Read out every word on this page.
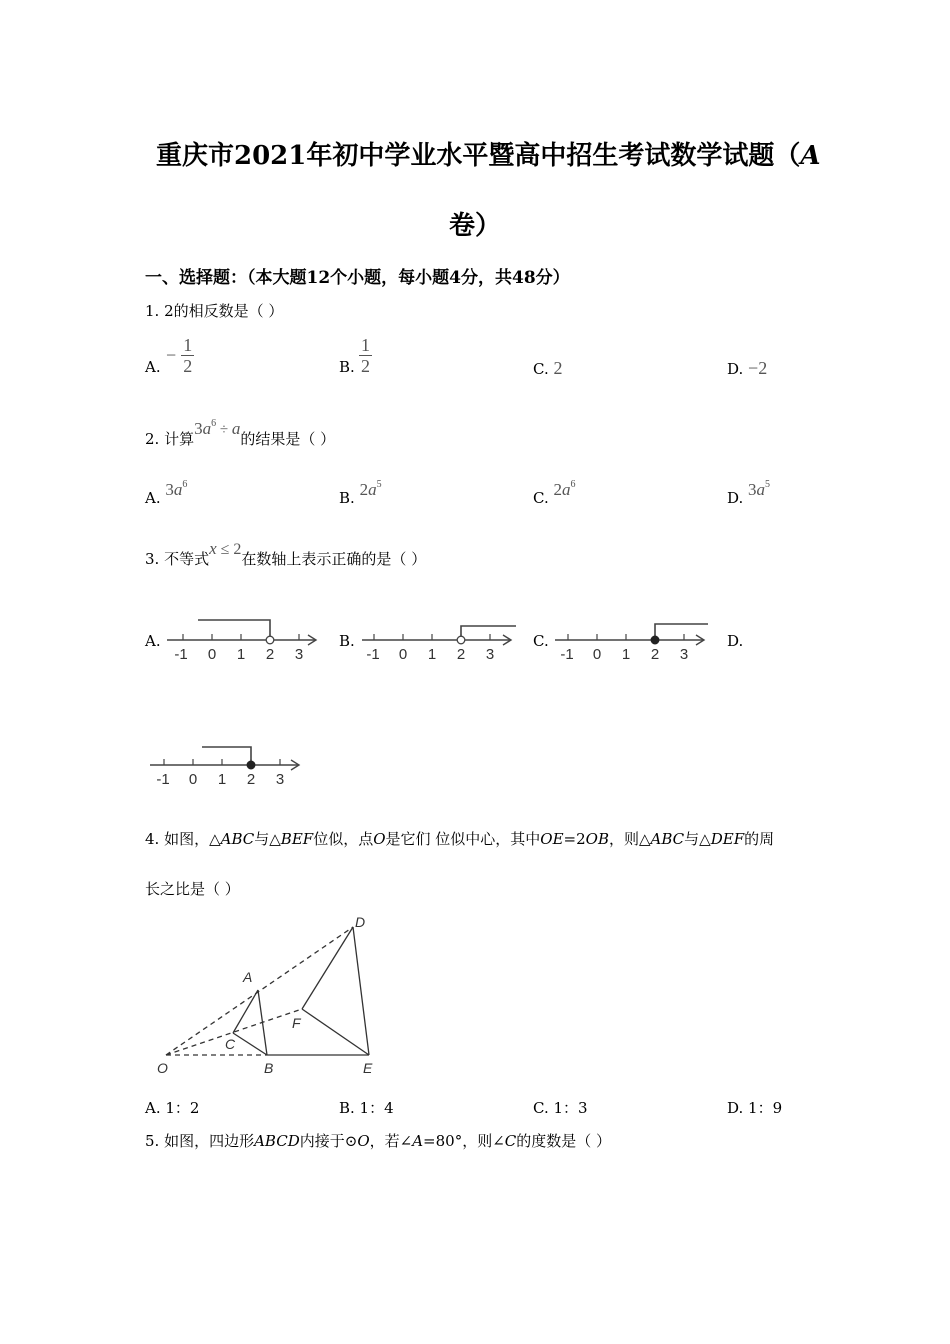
重庆市2021年初中学业水平暨高中招生考试数学试题（A
卷）
一、选择题：（本大题12个小题，每小题4分，共48分）
1. 2的相反数是（ ）
A.
− $\frac{1}{2}$	B. $\frac{1}{2}$	C. 2	D. −2
2. 计算$3a^6 \div a$的结果是（ ）
A. $3a^6$
B. $2a^5$
C. $2a^6$
D. $3a^5$
3. 不等式x ≤ 2在数轴上表示正确的是（ ）
A.	B.	C.	D.
-1 0 1 2 3	-1 0 1 2 3	-1 0 1 2 3
-1 0 1 2 3
4. 如图，△ABC与△BEF位似，点O是它们 位似中心，其中OE=2OB，则△ABC与△DEF的周
长之比是（ ）
A
B
C
D
E
F
O
A. 1：2	B. 1：4	C. 1：3	D. 1：9
5. 如图，四边形ABCD内接于⊙O，若∠A=80°，则∠C的度数是（ ）
